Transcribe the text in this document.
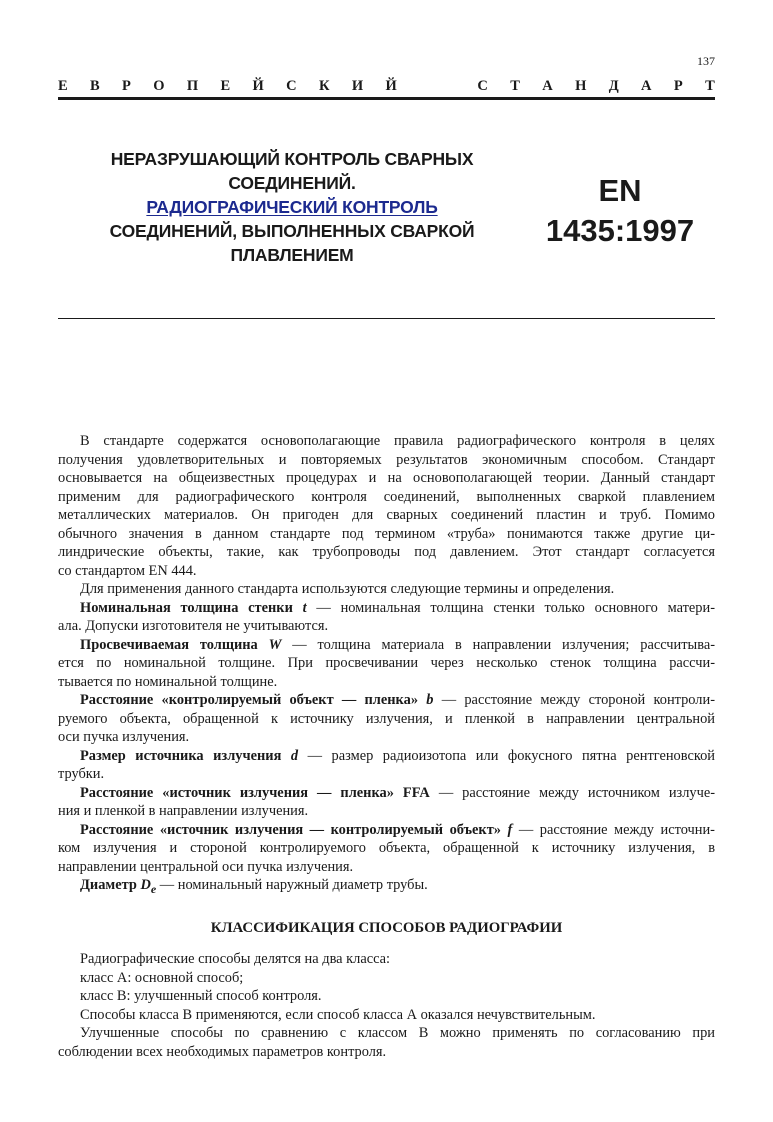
137
Е В Р О П Е Й С К И Й	С Т А Н Д А Р Т
НЕРАЗРУШАЮЩИЙ КОНТРОЛЬ СВАРНЫХ
СОЕДИНЕНИЙ.
РАДИОГРАФИЧЕСКИЙ КОНТРОЛЬ
СОЕДИНЕНИЙ, ВЫПОЛНЕННЫХ СВАРКОЙ
ПЛАВЛЕНИЕМ
EN
1435:1997
В стандарте содержатся основополагающие правила радиографического контроля в целях
получения удовлетворительных и повторяемых результатов экономичным способом. Стандарт
основывается на общеизвестных процедурах и на основополагающей теории. Данный стандарт
применим для радиографического контроля соединений, выполненных сваркой плавлением
металлических материалов. Он пригоден для сварных соединений пластин и труб. Помимо
обычного значения в данном стандарте под термином «труба» понимаются также другие ци-
линдрические объекты, такие, как трубопроводы под давлением. Этот стандарт согласуется
со стандартом EN 444.
Для применения данного стандарта используются следующие термины и определения.
Номинальная толщина стенки t — номинальная толщина стенки только основного матери-
ала. Допуски изготовителя не учитываются.
Просвечиваемая толщина W — толщина материала в направлении излучения; рассчитыва-
ется по номинальной толщине. При просвечивании через несколько стенок толщина рассчи-
тывается по номинальной толщине.
Расстояние «контролируемый объект — пленка» b — расстояние между стороной контроли-
руемого объекта, обращенной к источнику излучения, и пленкой в направлении центральной
оси пучка излучения.
Размер источника излучения d — размер радиоизотопа или фокусного пятна рентгеновской
трубки.
Расстояние «источник излучения — пленка» FFA — расстояние между источником излуче-
ния и пленкой в направлении излучения.
Расстояние «источник излучения — контролируемый объект» f — расстояние между источни-
ком излучения и стороной контролируемого объекта, обращенной к источнику излучения, в
направлении центральной оси пучка излучения.
Диаметр $D_e$ — номинальный наружный диаметр трубы.
КЛАССИФИКАЦИЯ СПОСОБОВ РАДИОГРАФИИ
Радиографические способы делятся на два класса:
класс А: основной способ;
класс В: улучшенный способ контроля.
Способы класса В применяются, если способ класса А оказался нечувствительным.
Улучшенные способы по сравнению с классом В можно применять по согласованию при
соблюдении всех необходимых параметров контроля.
